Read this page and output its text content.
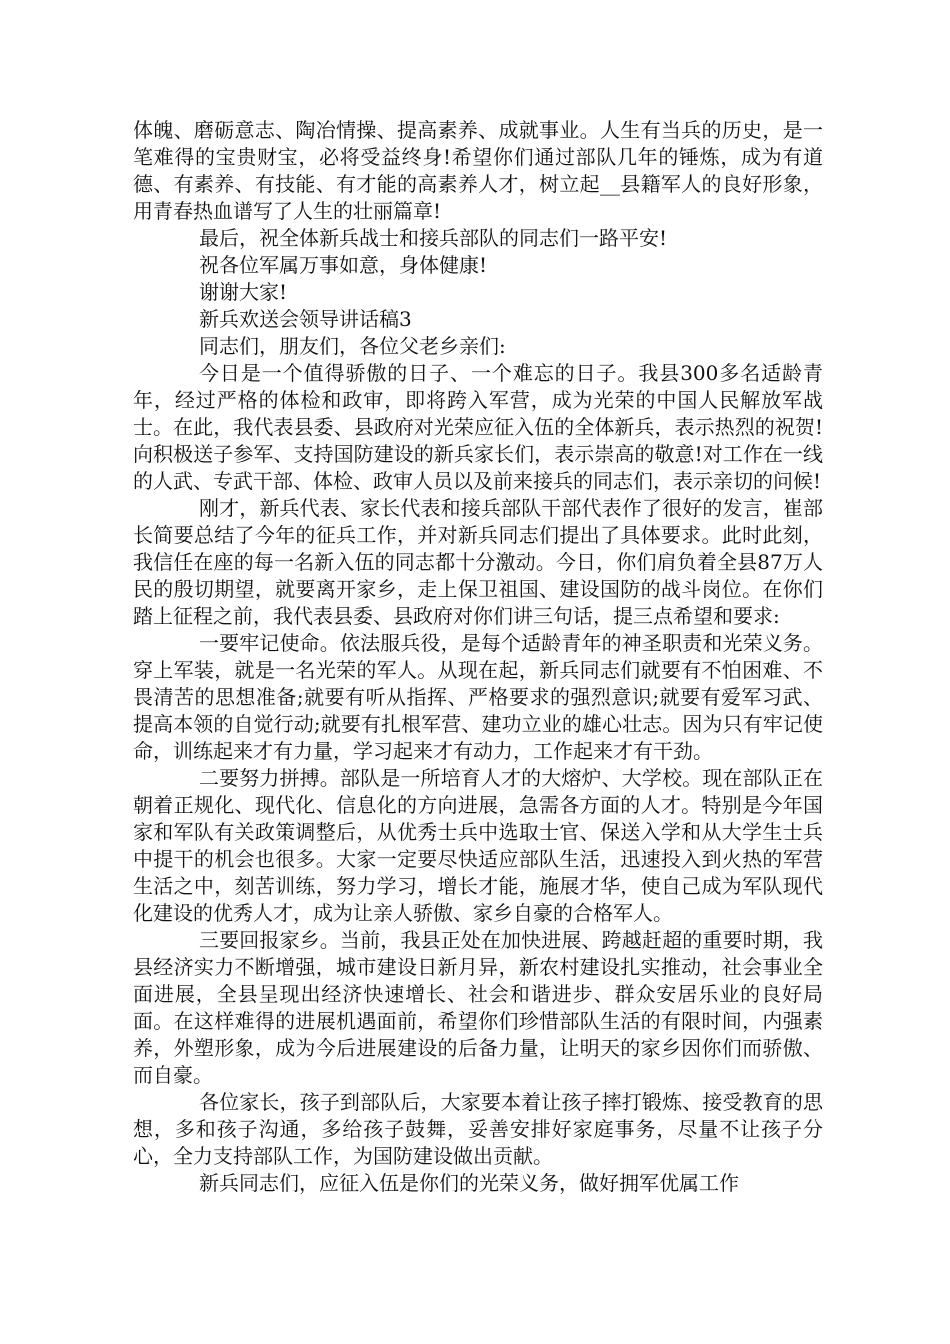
体魄、磨砺意志、陶冶情操、提高素养、成就事业。人生有当兵的历史，是一笔难得的宝贵财宝，必将受益终身!希望你们通过部队几年的锤炼，成为有道德、有素养、有技能、有才能的高素养人才，树立起__县籍军人的良好形象，用青春热血谱写了人生的壮丽篇章!

最后，祝全体新兵战士和接兵部队的同志们一路平安!

祝各位军属万事如意，身体健康!

谢谢大家!

新兵欢送会领导讲话稿3

同志们，朋友们，各位父老乡亲们:

今日是一个值得骄傲的日子、一个难忘的日子。我县300多名适龄青年，经过严格的体检和政审，即将跨入军营，成为光荣的中国人民解放军战士。在此，我代表县委、县政府对光荣应征入伍的全体新兵，表示热烈的祝贺!向积极送子参军、支持国防建设的新兵家长们，表示崇高的敬意!对工作在一线的人武、专武干部、体检、政审人员以及前来接兵的同志们，表示亲切的问候!

刚才，新兵代表、家长代表和接兵部队干部代表作了很好的发言，崔部长简要总结了今年的征兵工作，并对新兵同志们提出了具体要求。此时此刻，我信任在座的每一名新入伍的同志都十分激动。今日，你们肩负着全县87万人民的殷切期望，就要离开家乡，走上保卫祖国、建设国防的战斗岗位。在你们踏上征程之前，我代表县委、县政府对你们讲三句话，提三点希望和要求:

一要牢记使命。依法服兵役，是每个适龄青年的神圣职责和光荣义务。穿上军装，就是一名光荣的军人。从现在起，新兵同志们就要有不怕困难、不畏清苦的思想准备;就要有听从指挥、严格要求的强烈意识;就要有爱军习武、提高本领的自觉行动;就要有扎根军营、建功立业的雄心壮志。因为只有牢记使命，训练起来才有力量，学习起来才有动力，工作起来才有干劲。

二要努力拼搏。部队是一所培育人才的大熔炉、大学校。现在部队正在朝着正规化、现代化、信息化的方向进展，急需各方面的人才。特别是今年国家和军队有关政策调整后，从优秀士兵中选取士官、保送入学和从大学生士兵中提干的机会也很多。大家一定要尽快适应部队生活，迅速投入到火热的军营生活之中，刻苦训练，努力学习，增长才能，施展才华，使自己成为军队现代化建设的优秀人才，成为让亲人骄傲、家乡自豪的合格军人。

三要回报家乡。当前，我县正处在加快进展、跨越赶超的重要时期，我县经济实力不断增强，城市建设日新月异，新农村建设扎实推动，社会事业全面进展，全县呈现出经济快速增长、社会和谐进步、群众安居乐业的良好局面。在这样难得的进展机遇面前，希望你们珍惜部队生活的有限时间，内强素养，外塑形象，成为今后进展建设的后备力量，让明天的家乡因你们而骄傲、而自豪。

各位家长，孩子到部队后，大家要本着让孩子摔打锻炼、接受教育的思想，多和孩子沟通，多给孩子鼓舞，妥善安排好家庭事务，尽量不让孩子分心，全力支持部队工作，为国防建设做出贡献。

新兵同志们，应征入伍是你们的光荣义务，做好拥军优属工作
